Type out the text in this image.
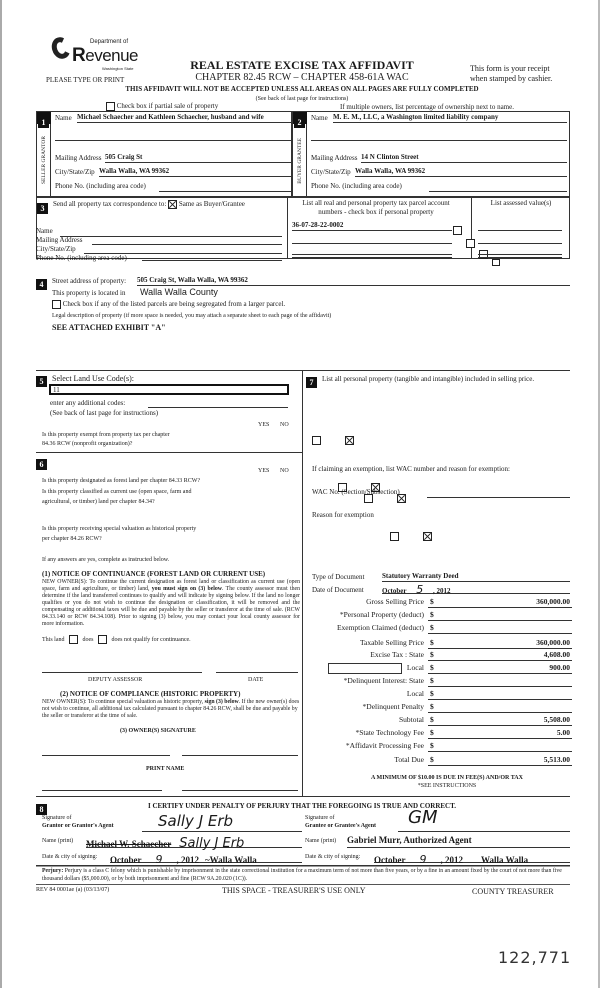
Department of
Revenue
Washington State
PLEASE TYPE OR PRINT
REAL ESTATE EXCISE TAX AFFIDAVIT
CHAPTER 82.45 RCW – CHAPTER 458-61A WAC
This form is your receipt
when stamped by cashier.
THIS AFFIDAVIT WILL NOT BE ACCEPTED UNLESS ALL AREAS ON ALL PAGES ARE FULLY COMPLETED
(See back of last page for instructions)
Check box if partial sale of property	If multiple owners, list percentage of ownership next to name.
1
SELLER GRANTOR
Name Michael Schaecher and Kathleen Schaecher, husband and wife
Mailing Address 505 Craig St
City/State/Zip Walla Walla, WA 99362
Phone No. (including area code)
2
BUYER GRANTEE
Name M. E. M., LLC, a Washington limited liability company
Mailing Address 14 N Clinton Street
City/State/Zip Walla Walla, WA 99362
Phone No. (including area code)
3	Send all property tax correspondence to: Same as Buyer/Grantee
Name
Mailing Address
City/State/Zip
Phone No. (including area code)
List all real and personal property tax parcel account
numbers - check box if personal property
List assessed value(s)
36-07-28-22-0002

4	Street address of property: 505 Craig St, Walla Walla, WA 99362
This property is located in Walla Walla County
Check box if any of the listed parcels are being segregated from a larger parcel.
Legal description of property (if more space is needed, you may attach a separate sheet to each page of the affidavit)
SEE ATTACHED EXHIBIT "A"
5	Select Land Use Code(s):
11
enter any additional codes:
(See back of last page for instructions)
YES NO
Is this property exempt from property tax per chapter
84.36 RCW (nonprofit organization)?

6
YES NO
Is this property designated as forest land per chapter 84.33 RCW?

Is this property classified as current use (open space, farm and
agricultural, or timber) land per chapter 84.34?

Is this property receiving special valuation as historical property
per chapter 84.26 RCW?

If any answers are yes, complete as instructed below.
(1) NOTICE OF CONTINUANCE (FOREST LAND OR CURRENT USE)
NEW OWNER(S): To continue the current designation as forest land or classification as current use (open space, farm and agriculture, or timber) land, you must sign on (3) below. The county assessor must then determine if the land transferred continues to qualify and will indicate by signing below. If the land no longer qualifies or you do not wish to continue the designation or classification, it will be removed and the compensating or additional taxes will be due and payable by the seller or transferor at the time of sale. (RCW 84.33.140 or RCW 84.34.108). Prior to signing (3) below, you may contact your local county assessor for more information.
This land	does	does not qualify for continuance.
DEPUTY ASSESSOR	DATE
(2) NOTICE OF COMPLIANCE (HISTORIC PROPERTY)
NEW OWNER(S): To continue special valuation as historic property, sign (3) below. If the new owner(s) does not wish to continue, all additional tax calculated pursuant to chapter 84.26 RCW, shall be due and payable by the seller or transferor at the time of sale.
(3) OWNER(S) SIGNATURE
PRINT NAME
7	List all personal property (tangible and intangible) included in selling price.
If claiming an exemption, list WAC number and reason for exemption:
WAC No. (Section/Subsection)
Reason for exemption
Type of Document	Statutory Warranty Deed
Date of Document	October 5 , 2012
Gross Selling Price $	360,000.00
*Personal Property (deduct) $
Exemption Claimed (deduct) $
Taxable Selling Price $	360,000.00
Excise Tax : State $	4,608.00
Local $	900.00
*Delinquent Interest: State $
Local $
*Delinquent Penalty $
Subtotal $	5,508.00
*State Technology Fee $	5.00
*Affidavit Processing Fee $
Total Due $	5,513.00
A MINIMUM OF $10.00 IS DUE IN FEE(S) AND/OR TAX
*SEE INSTRUCTIONS
8	I CERTIFY UNDER PENALTY OF PERJURY THAT THE FOREGOING IS TRUE AND CORRECT.
Signature of
Grantor or Grantor's Agent	Sally J Erb
Name (print) Michael W. Schaecher Sally J Erb
Date & city of signing: October 9 , 2012 ~Walla Walla
Signature of
Grantee or Grantee's Agent	GM
Name (print) Gabriel Murr, Authorized Agent
Date & city of signing: October 9 , 2012 Walla Walla
Perjury: Perjury is a class C felony which is punishable by imprisonment in the state correctional institution for a maximum term of not more than five years, or by a fine in an amount fixed by the court of not more than five thousand dollars ($5,000.00), or by both imprisonment and fine (RCW 9A.20.020 (1C)).
REV 84 0001ae (a) (03/13/07)	THIS SPACE - TREASURER'S USE ONLY	COUNTY TREASURER
122,771
